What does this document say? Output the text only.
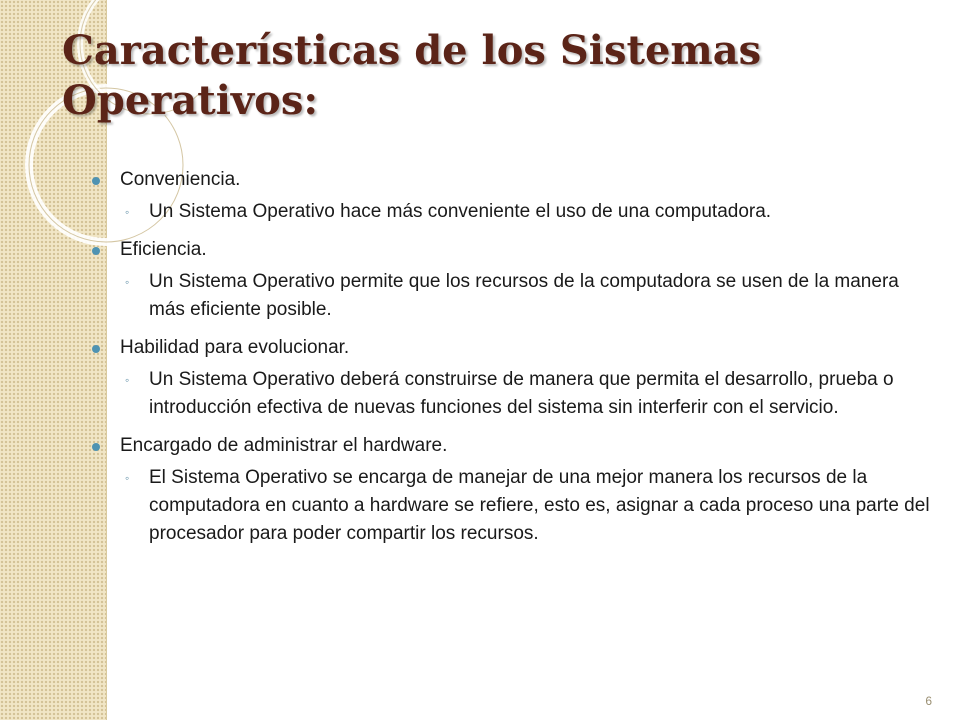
Características de los Sistemas Operativos:

Conveniencia.

◦ Un Sistema Operativo hace más conveniente el uso de una computadora.

Eficiencia.

◦ Un Sistema Operativo permite que los recursos de la computadora se usen de la manera más eficiente posible.

Habilidad para evolucionar.

◦ Un Sistema Operativo deberá construirse de manera que permita el desarrollo, prueba o introducción efectiva de nuevas funciones del sistema sin interferir con el servicio.

Encargado de administrar el hardware.

◦ El Sistema Operativo se encarga de manejar de una mejor manera los recursos de la computadora en cuanto a hardware se refiere, esto es, asignar a cada proceso una parte del procesador para poder compartir los recursos.

6
